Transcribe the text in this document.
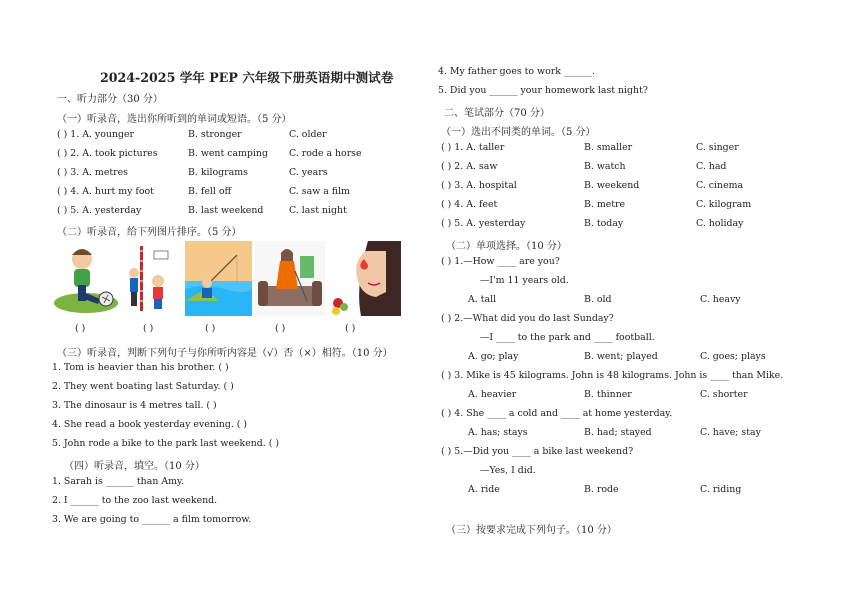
2024-2025 学年 PEP 六年级下册英语期中测试卷
一、听力部分（30 分）
（一）听录音，选出你所听到的单词或短语。（5 分）
( ) 1. A. younger	B. stronger	C. older
( ) 2. A. took pictures	B. went camping C. rode a horse
( ) 3. A. metres	B. kilograms	C. years
( ) 4. A. hurt my foot	B. fell off	C. saw a film
( ) 5. A. yesterday	B. last weekend	C. last night
（二）听录音，给下列图片排序。（5 分）
( )	( )	( )	( )	( )
（三）听录音，判断下列句子与你所听内容是（√）否（×）相符。（10 分）
1. Tom is heavier than his brother. ( )
2. They went boating last Saturday. ( )
3. The dinosaur is 4 metres tall. ( )
4. She read a book yesterday evening. ( )
5. John rode a bike to the park last weekend. ( )
（四）听录音，填空。（10 分）
1. Sarah is ______ than Amy.
2. I ______ to the zoo last weekend.
3. We are going to ______ a film tomorrow.
4. My father goes to work ______.
5. Did you ______ your homework last night?
二、笔试部分（70 分）
（一）选出不同类的单词。（5 分）
( ) 1. A. taller	B. smaller	C. singer
( ) 2. A. saw	B. watch	C. had
( ) 3. A. hospital	B. weekend	C. cinema
( ) 4. A. feet	B. metre	C. kilogram
( ) 5. A. yesterday	B. today	C. holiday
（二）单项选择。（10 分）
( ) 1.—How ____ are you?
—I'm 11 years old.
A. tall	B. old	C. heavy
( ) 2.—What did you do last Sunday?
—I ____ to the park and ____ football.
A. go; play	B. went; played	C. goes; plays
( ) 3. Mike is 45 kilograms. John is 48 kilograms. John is ____ than Mike.
A. heavier	B. thinner	C. shorter
( ) 4. She ____ a cold and ____ at home yesterday.
A. has; stays	B. had; stayed	C. have; stay
( ) 5.—Did you ____ a bike last weekend?
—Yes, I did.
A. ride	B. rode	C. riding
（三）按要求完成下列句子。（10 分）
